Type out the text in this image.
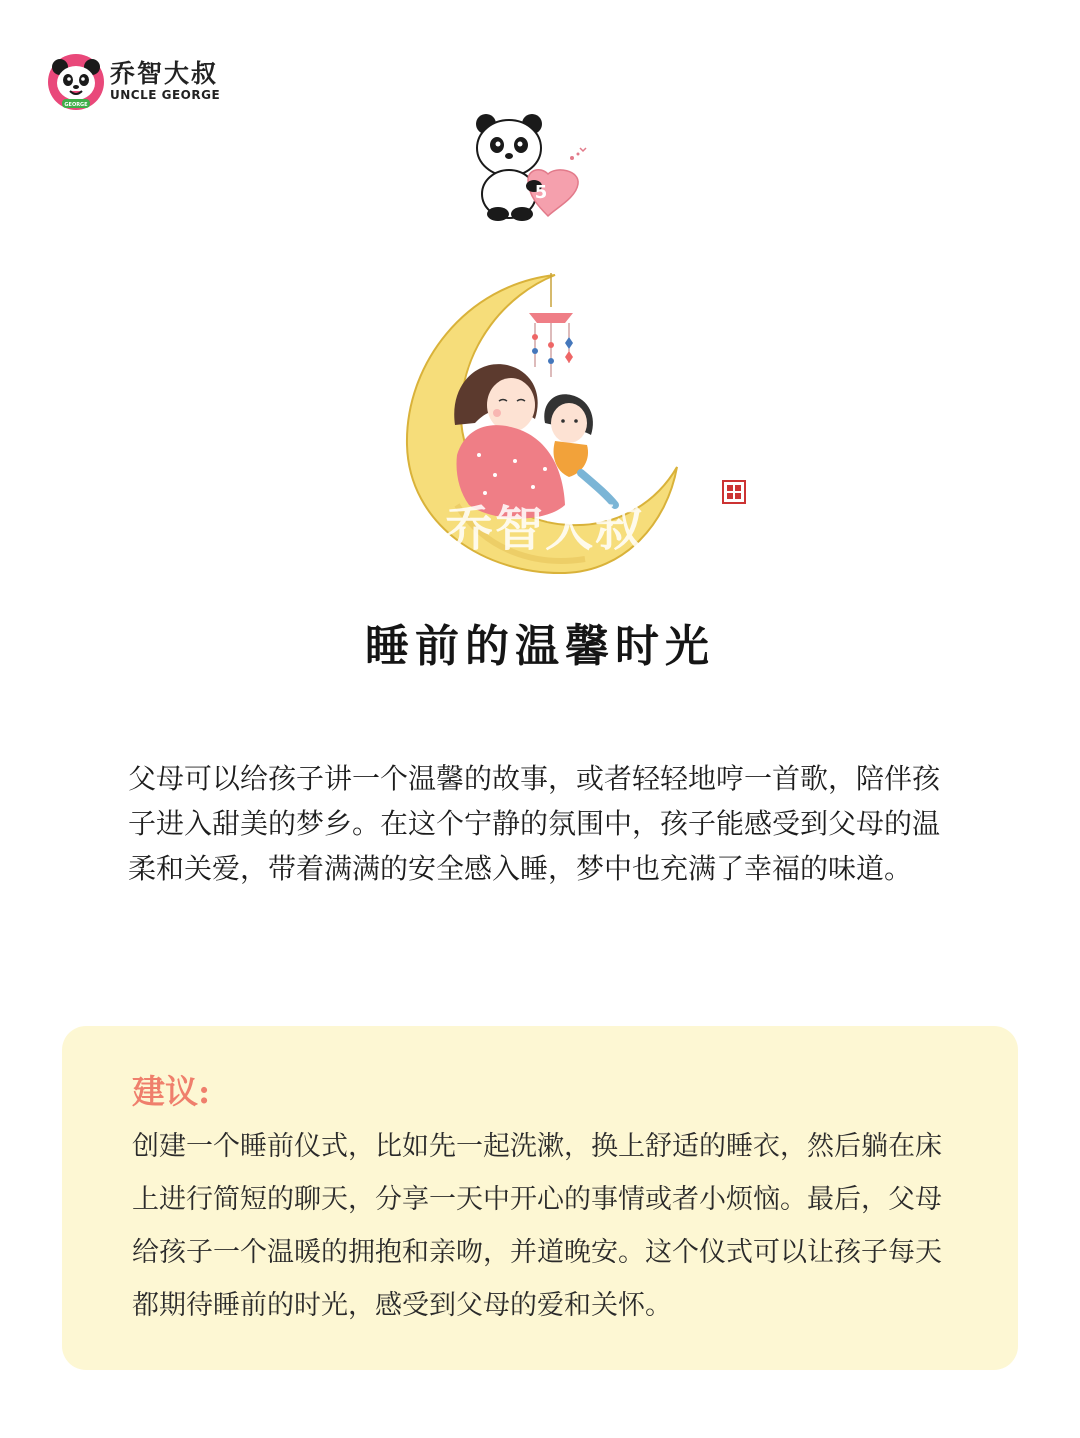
GEORGE
乔智大叔
UNCLE GEORGE
5
乔智大叔
睡前的温馨时光

父母可以给孩子讲一个温馨的故事，或者轻轻地哼一首歌，陪伴孩子进入甜美的梦乡。在这个宁静的氛围中，孩子能感受到父母的温柔和关爱，带着满满的安全感入睡，梦中也充满了幸福的味道。

建议:

创建一个睡前仪式，比如先一起洗漱，换上舒适的睡衣，然后躺在床上进行简短的聊天，分享一天中开心的事情或者小烦恼。最后，父母给孩子一个温暖的拥抱和亲吻，并道晚安。这个仪式可以让孩子每天都期待睡前的时光，感受到父母的爱和关怀。
